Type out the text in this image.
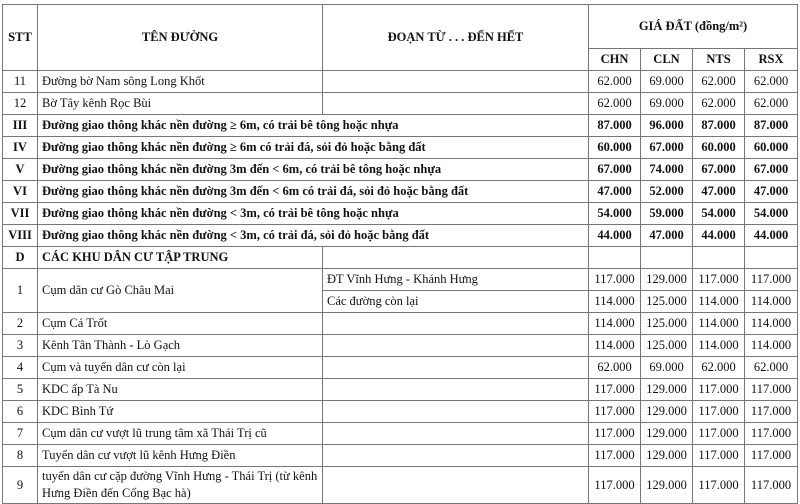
STT	TÊN ĐƯỜNG	ĐOẠN TỪ . . . ĐẾN HẾT	GIÁ ĐẤT (đồng/m²)			
			CHN	CLN	NTS	RSX
11	Đường bờ Nam sông Long Khốt		62.000	69.000	62.000	62.000
12	Bờ Tây kênh Rọc Bùi		62.000	69.000	62.000	62.000
III	Đường giao thông khác nền đường ≥ 6m, có trải bê tông hoặc nhựa		87.000	96.000	87.000	87.000
IV	Đường giao thông khác nền đường ≥ 6m có trải đá, sỏi đỏ hoặc bằng đất		60.000	67.000	60.000	60.000
V	Đường giao thông khác nền đường 3m đến < 6m, có trải bê tông hoặc nhựa		67.000	74.000	67.000	67.000
VI	Đường giao thông khác nền đường 3m đến < 6m có trải đá, sỏi đỏ hoặc bằng đất		47.000	52.000	47.000	47.000
VII	Đường giao thông khác nền đường < 3m, có trải bê tông hoặc nhựa		54.000	59.000	54.000	54.000
VIII	Đường giao thông khác nền đường < 3m, có trải đá, sỏi đỏ hoặc bằng đất		44.000	47.000	44.000	44.000
D	CÁC KHU DÂN CƯ TẬP TRUNG					
1	Cụm dân cư Gò Châu Mai	ĐT Vĩnh Hưng - Khánh Hưng	117.000	129.000	117.000	117.000
		Các đường còn lại	114.000	125.000	114.000	114.000
2	Cụm Cá Trốt		114.000	125.000	114.000	114.000
3	Kênh Tân Thành - Lò Gạch		114.000	125.000	114.000	114.000
4	Cụm và tuyến dân cư còn lại		62.000	69.000	62.000	62.000
5	KDC ấp Tà Nu		117.000	129.000	117.000	117.000
6	KDC Bình Tứ		117.000	129.000	117.000	117.000
7	Cụm dân cư vượt lũ trung tâm xã Thái Trị cũ		117.000	129.000	117.000	117.000
8	Tuyến dân cư vượt lũ kênh Hưng Điền		117.000	129.000	117.000	117.000
9	tuyến dân cư cặp đường Vĩnh Hưng - Thái Trị (từ kênh Hưng Điền đến Cống Bạc hà)		117.000	129.000	117.000	117.000
